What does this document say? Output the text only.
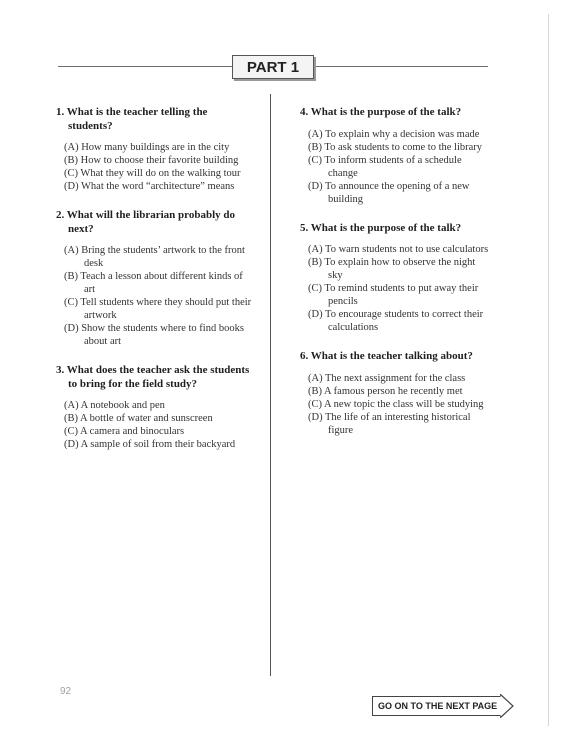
PART 1
1. What is the teacher telling the students?
(A) How many buildings are in the city
(B) How to choose their favorite building
(C) What they will do on the walking tour
(D) What the word “architecture” means
2. What will the librarian probably do next?
(A) Bring the students’ artwork to the front desk
(B) Teach a lesson about different kinds of art
(C) Tell students where they should put their artwork
(D) Show the students where to find books about art
3. What does the teacher ask the students to bring for the field study?
(A) A notebook and pen
(B) A bottle of water and sunscreen
(C) A camera and binoculars
(D) A sample of soil from their backyard
4. What is the purpose of the talk?
(A) To explain why a decision was made
(B) To ask students to come to the library
(C) To inform students of a schedule change
(D) To announce the opening of a new building
5. What is the purpose of the talk?
(A) To warn students not to use calculators
(B) To explain how to observe the night sky
(C) To remind students to put away their pencils
(D) To encourage students to correct their calculations
6. What is the teacher talking about?
(A) The next assignment for the class
(B) A famous person he recently met
(C) A new topic the class will be studying
(D) The life of an interesting historical figure
92
GO ON TO THE NEXT PAGE
